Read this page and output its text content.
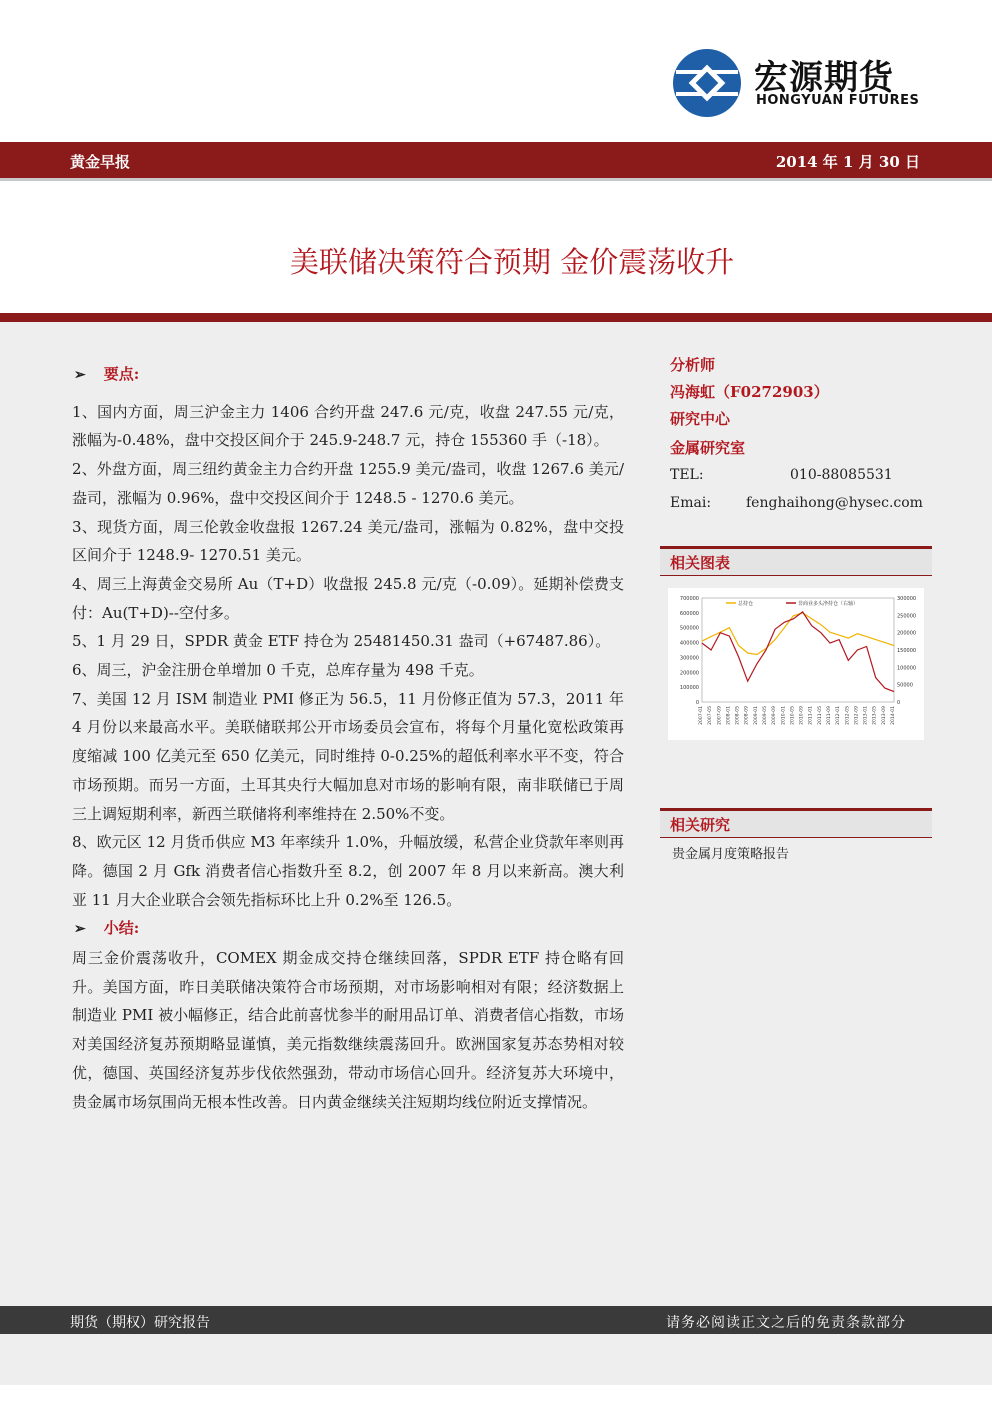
宏源期货
HONGYUAN FUTURES
黄金早报	2014 年 1 月 30 日
美联储决策符合预期 金价震荡收升

➢ 要点:

1、国内方面，周三沪金主力 1406 合约开盘 247.6 元/克，收盘 247.55 元/克，涨幅为-0.48%，盘中交投区间介于 245.9-248.7 元，持仓 155360 手（-18）。

2、外盘方面，周三纽约黄金主力合约开盘 1255.9 美元/盎司，收盘 1267.6 美元/盎司，涨幅为 0.96%，盘中交投区间介于 1248.5 - 1270.6 美元。

3、现货方面，周三伦敦金收盘报 1267.24 美元/盎司，涨幅为 0.82%，盘中交投区间介于 1248.9- 1270.51 美元。

4、周三上海黄金交易所 Au（T+D）收盘报 245.8 元/克（-0.09）。延期补偿费支付：Au(T+D)--空付多。

5、1 月 29 日，SPDR 黄金 ETF 持仓为 25481450.31 盎司（+67487.86）。

6、周三，沪金注册仓单增加 0 千克，总库存量为 498 千克。

7、美国 12 月 ISM 制造业 PMI 修正为 56.5，11 月份修正值为 57.3，2011 年 4 月份以来最高水平。美联储联邦公开市场委员会宣布，将每个月量化宽松政策再度缩减 100 亿美元至 650 亿美元，同时维持 0-0.25%的超低利率水平不变，符合市场预期。而另一方面，土耳其央行大幅加息对市场的影响有限，南非联储已于周三上调短期利率，新西兰联储将利率维持在 2.50%不变。

8、欧元区 12 月货币供应 M3 年率续升 1.0%，升幅放缓，私营企业贷款年率则再降。德国 2 月 Gfk 消费者信心指数升至 8.2，创 2007 年 8 月以来新高。澳大利亚 11 月大企业联合会领先指标环比上升 0.2%至 126.5。

➢ 小结:

周三金价震荡收升，COMEX 期金成交持仓继续回落，SPDR ETF 持仓略有回升。美国方面，昨日美联储决策符合市场预期，对市场影响相对有限；经济数据上制造业 PMI 被小幅修正，结合此前喜忧参半的耐用品订单、消费者信心指数，市场对美国经济复苏预期略显谨慎，美元指数继续震荡回升。欧洲国家复苏态势相对较优，德国、英国经济复苏步伐依然强劲，带动市场信心回升。经济复苏大环境中，贵金属市场氛围尚无根本性改善。日内黄金继续关注短期均线位附近支撑情况。

分析师
冯海虹（F0272903）
研究中心
金属研究室
TEL:	010-88085531
Emai: fenghaihong@hysec.com
相关图表
700000
600000
500000
400000
300000
200000
100000
0
300000
250000
200000
150000
100000
50000
0
2007-01 2007-05 2007-09 2008-01 2008-05 2008-09 2009-01 2009-05 2009-09 2010-01 2010-05 2010-09 2011-01 2011-05 2011-09 2012-01 2012-05 2012-09 2013-01 2013-05 2013-09 2014-01
总持仓	非商业多头净持仓（右轴）
相关研究
贵金属月度策略报告
期货（期权）研究报告	请务必阅读正文之后的免责条款部分
